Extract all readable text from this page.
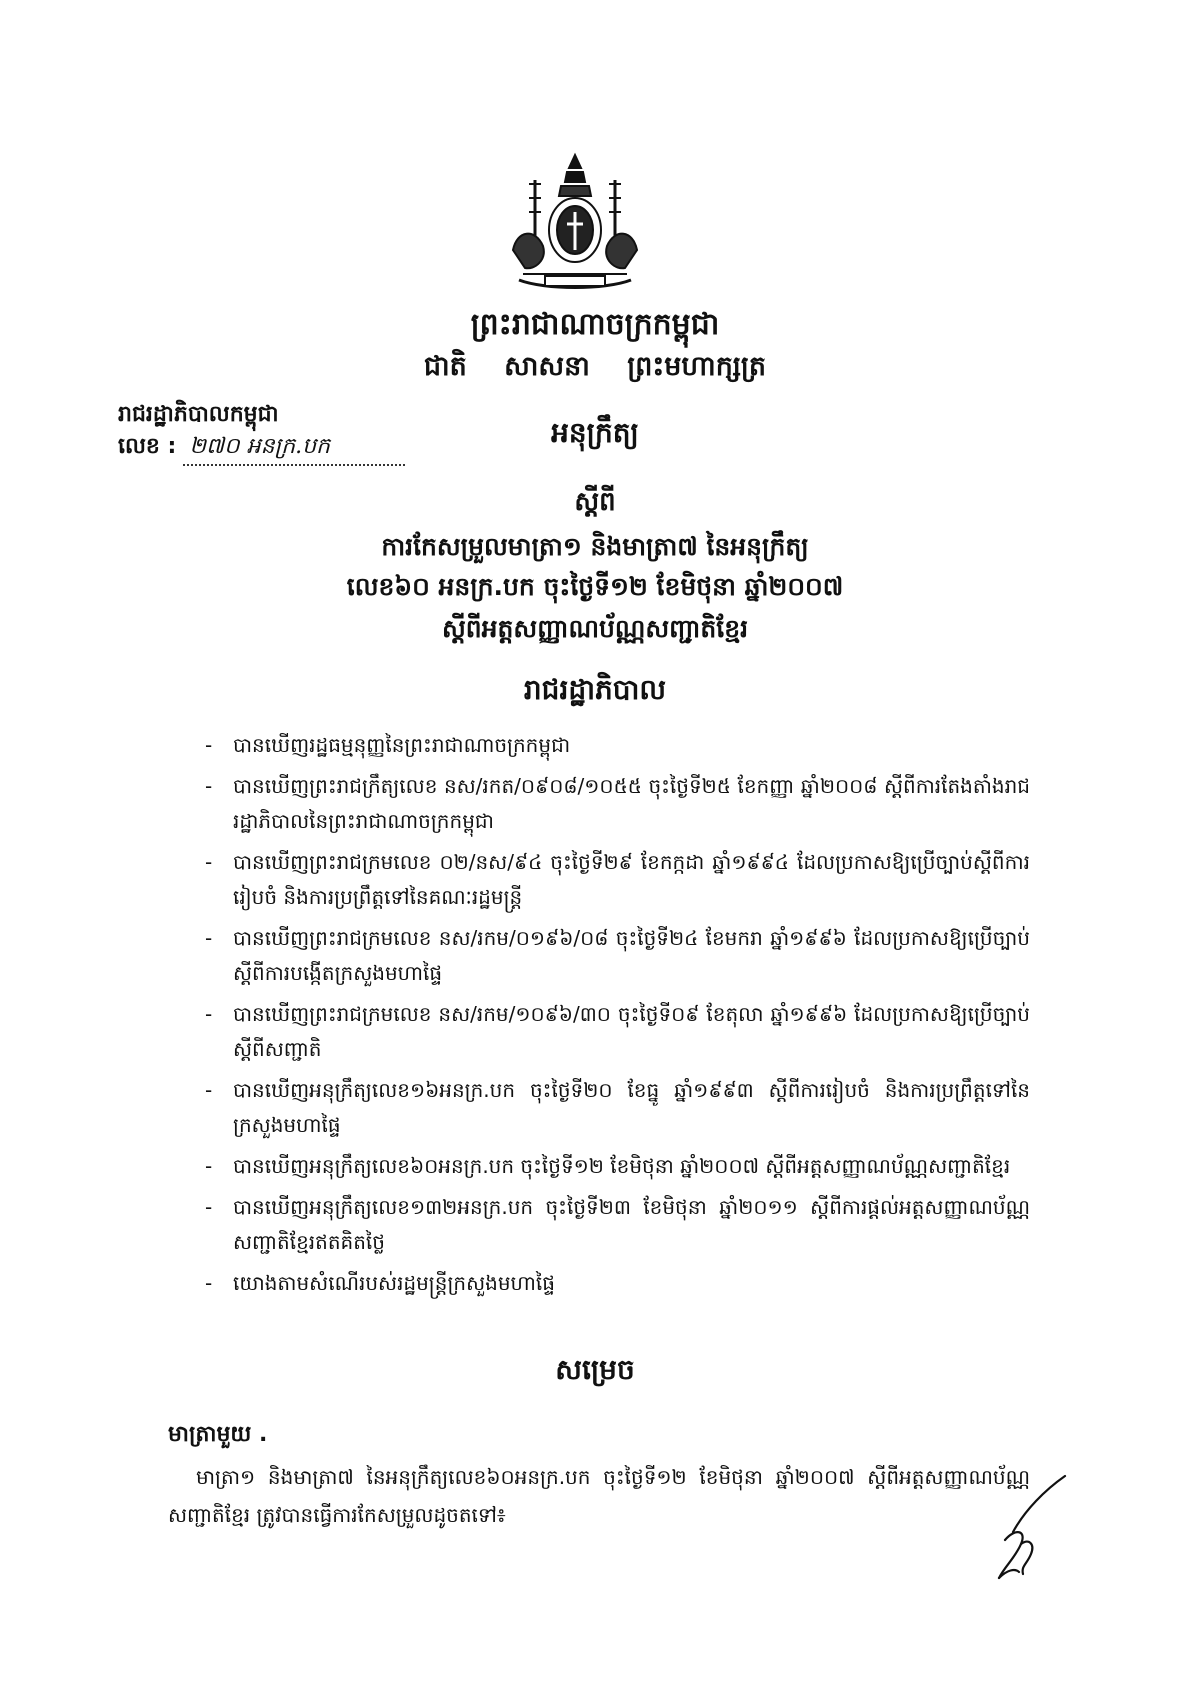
ព្រះរាជាណាចក្រកម្ពុជា
ជាតិ សាសនា ព្រះមហាក្សត្រ
រាជរដ្ឋាភិបាលកម្ពុជា
លេខ : ២៧០ អនក្រ.បក	អនុក្រឹត្យ
ស្តីពី
ការកែសម្រួលមាត្រា១ និងមាត្រា៧ នៃអនុក្រឹត្យ
លេខ៦០ អនក្រ.បក ចុះថ្ងៃទី១២ ខែមិថុនា ឆ្នាំ២០០៧
ស្តីពីអត្តសញ្ញាណប័ណ្ណសញ្ជាតិខ្មែរ
រាជរដ្ឋាភិបាល
- បានឃើញរដ្ឋធម្មនុញ្ញនៃព្រះរាជាណាចក្រកម្ពុជា
- បានឃើញព្រះរាជក្រឹត្យលេខ នស/រកត/០៩០៨/១០៥៥ ចុះថ្ងៃទី២៥ ខែកញ្ញា ឆ្នាំ២០០៨ ស្តីពីការតែងតាំងរាជរដ្ឋាភិបាលនៃព្រះរាជាណាចក្រកម្ពុជា
- បានឃើញព្រះរាជក្រមលេខ ០២/នស/៩៤ ចុះថ្ងៃទី២៩ ខែកក្កដា ឆ្នាំ១៩៩៤ ដែលប្រកាសឱ្យប្រើច្បាប់ស្តីពីការរៀបចំ និងការប្រព្រឹត្តទៅនៃគណៈរដ្ឋមន្ត្រី
- បានឃើញព្រះរាជក្រមលេខ នស/រកម/០១៩៦/០៨ ចុះថ្ងៃទី២៤ ខែមករា ឆ្នាំ១៩៩៦ ដែលប្រកាសឱ្យប្រើច្បាប់ស្តីពីការបង្កើតក្រសួងមហាផ្ទៃ
- បានឃើញព្រះរាជក្រមលេខ នស/រកម/១០៩៦/៣០ ចុះថ្ងៃទី០៩ ខែតុលា ឆ្នាំ១៩៩៦ ដែលប្រកាសឱ្យប្រើច្បាប់ស្តីពីសញ្ជាតិ
- បានឃើញអនុក្រឹត្យលេខ១៦អនក្រ.បក ចុះថ្ងៃទី២០ ខែធ្នូ ឆ្នាំ១៩៩៣ ស្តីពីការរៀបចំ និងការប្រព្រឹត្តទៅនៃក្រសួងមហាផ្ទៃ
- បានឃើញអនុក្រឹត្យលេខ៦០អនក្រ.បក ចុះថ្ងៃទី១២ ខែមិថុនា ឆ្នាំ២០០៧ ស្តីពីអត្តសញ្ញាណប័ណ្ណសញ្ជាតិខ្មែរ
- បានឃើញអនុក្រឹត្យលេខ១៣២អនក្រ.បក ចុះថ្ងៃទី២៣ ខែមិថុនា ឆ្នាំ២០១១ ស្តីពីការផ្តល់អត្តសញ្ញាណប័ណ្ណសញ្ជាតិខ្មែរឥតគិតថ្លៃ
- យោងតាមសំណើរបស់រដ្ឋមន្ត្រីក្រសួងមហាផ្ទៃ
សម្រេច
មាត្រាមួយ .
មាត្រា១ និងមាត្រា៧ នៃអនុក្រឹត្យលេខ៦០អនក្រ.បក ចុះថ្ងៃទី១២ ខែមិថុនា ឆ្នាំ២០០៧ ស្តីពីអត្តសញ្ញាណប័ណ្ណសញ្ជាតិខ្មែរ ត្រូវបានធ្វើការកែសម្រួលដូចតទៅ៖
